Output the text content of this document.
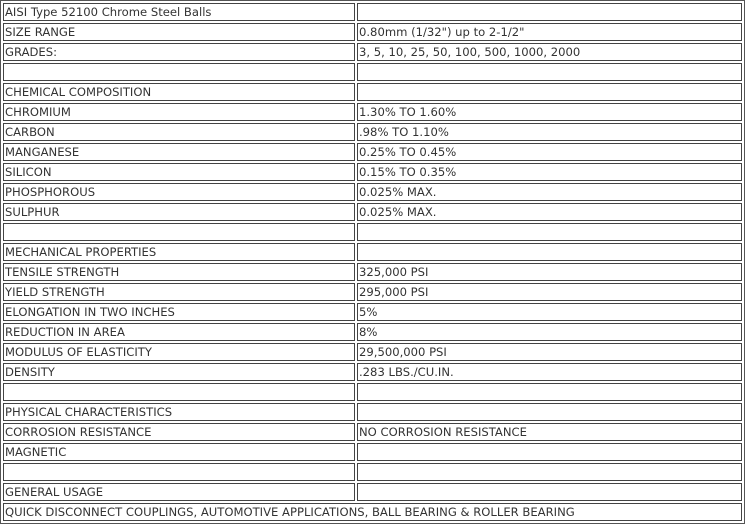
AISI Type 52100 Chrome Steel Balls	
SIZE RANGE	0.80mm (1/32") up to 2-1/2"
GRADES:	3, 5, 10, 25, 50, 100, 500, 1000, 2000

CHEMICAL COMPOSITION	
CHROMIUM	1.30% TO 1.60%
CARBON	.98% TO 1.10%
MANGANESE	0.25% TO 0.45%
SILICON	0.15% TO 0.35%
PHOSPHOROUS	0.025% MAX.
SULPHUR	0.025% MAX.

MECHANICAL PROPERTIES	
TENSILE STRENGTH	325,000 PSI
YIELD STRENGTH	295,000 PSI
ELONGATION IN TWO INCHES	5%
REDUCTION IN AREA	8%
MODULUS OF ELASTICITY	29,500,000 PSI
DENSITY	.283 LBS./CU.IN.

PHYSICAL CHARACTERISTICS	
CORROSION RESISTANCE	NO CORROSION RESISTANCE
MAGNETIC	

GENERAL USAGE	
QUICK DISCONNECT COUPLINGS, AUTOMOTIVE APPLICATIONS, BALL BEARING & ROLLER BEARING	
